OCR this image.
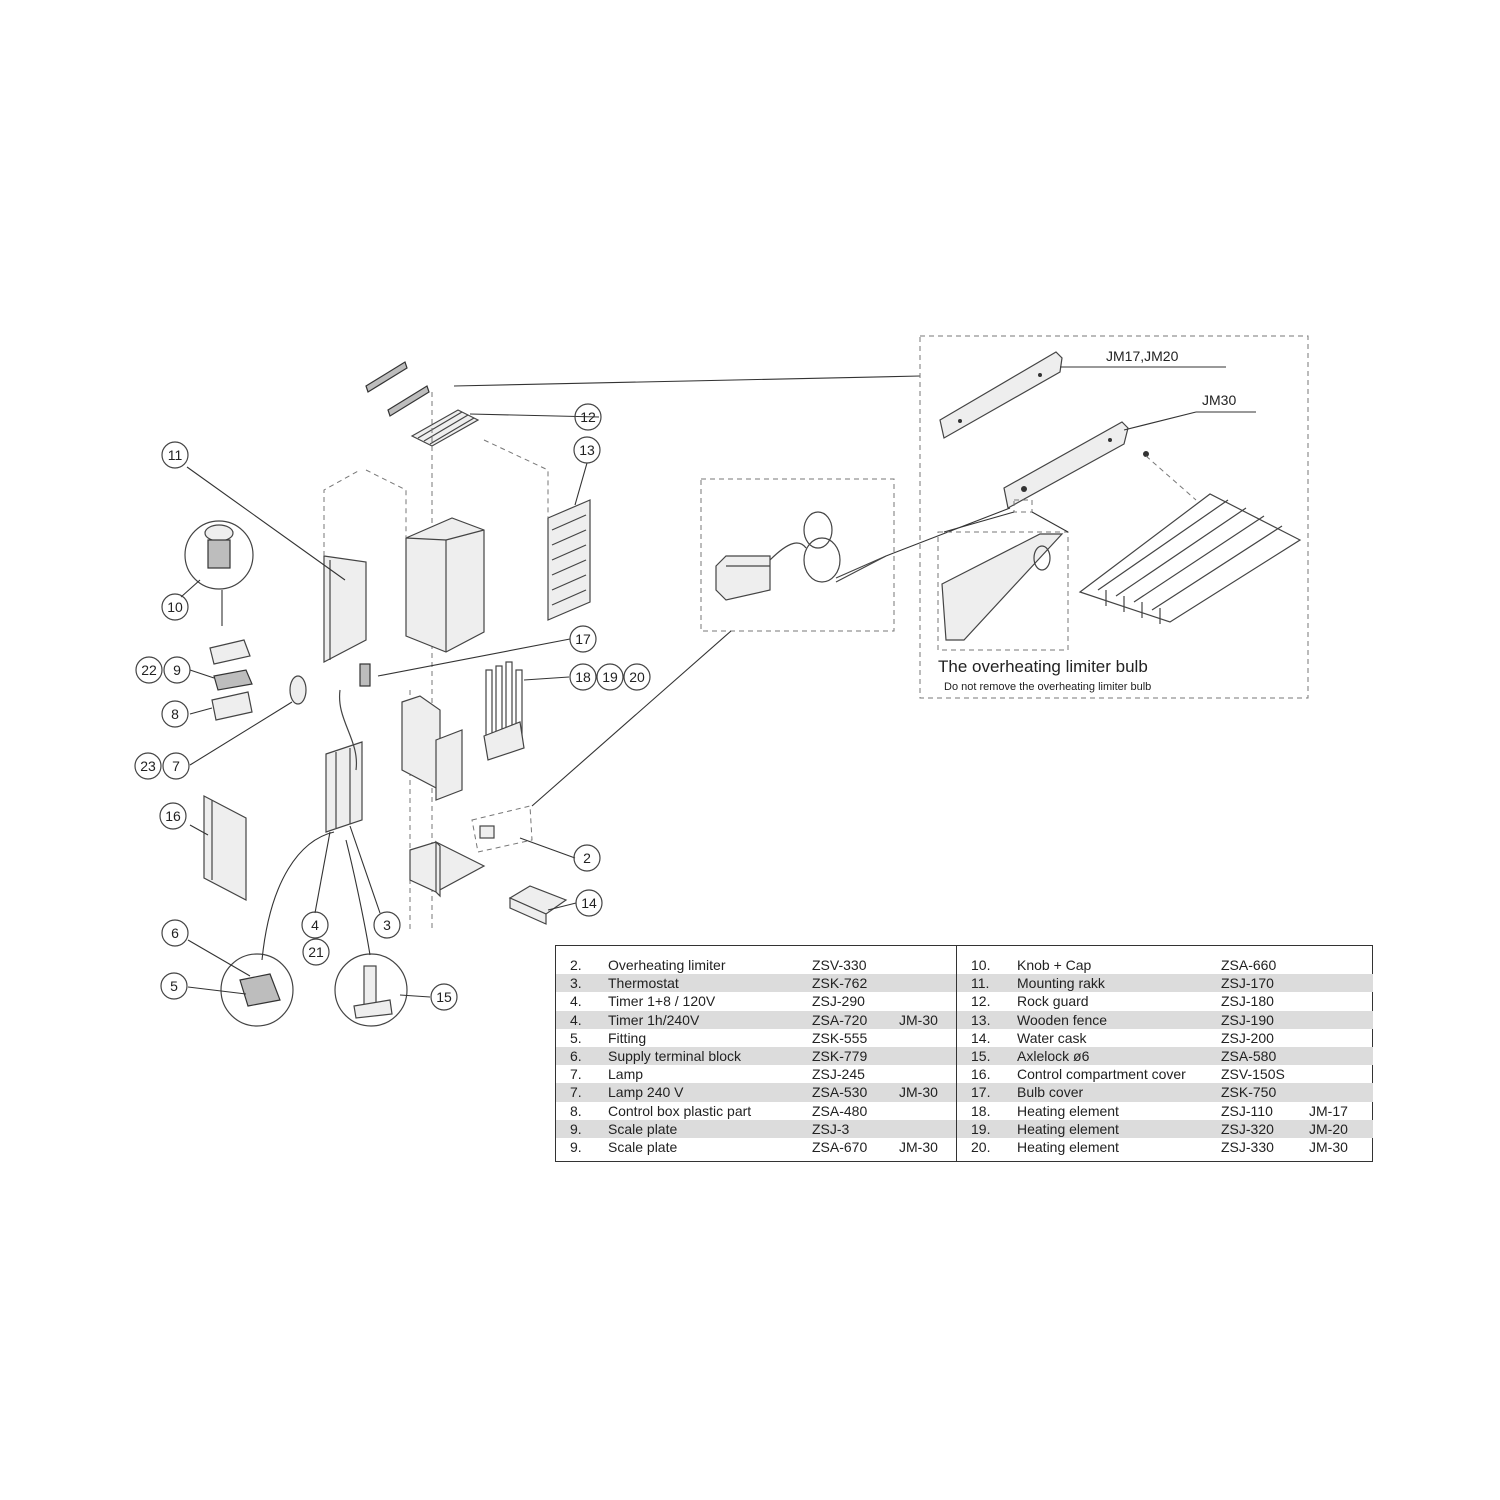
11
10
22 9
8
23 7
16
6
5
4
21
3
15
12
13
17
18 19 20
2
14
JM17,JM20
JM30
The overheating limiter bulb
Do not remove the overheating limiter bulb
2. Overheating limiter	ZSV-330
3. Thermostat	ZSK-762
4. Timer 1+8 / 120V	ZSJ-290
4. Timer 1h/240V	ZSA-720 JM-30
5. Fitting	ZSK-555
6. Supply terminal block	ZSK-779
7. Lamp	ZSJ-245
7. Lamp 240 V	ZSA-530 JM-30
8. Control box plastic part	ZSA-480
9. Scale plate	ZSJ-3
9. Scale plate	ZSA-670 JM-30
10. Knob + Cap	ZSA-660
11. Mounting rakk	ZSJ-170
12. Rock guard	ZSJ-180
13. Wooden fence	ZSJ-190
14. Water cask	ZSJ-200
15. Axlelock ø6	ZSA-580
16. Control compartment cover	ZSV-150S
17. Bulb cover	ZSK-750
18. Heating element	ZSJ-110	JM-17
19. Heating element	ZSJ-320	JM-20
20. Heating element	ZSJ-330	JM-30
